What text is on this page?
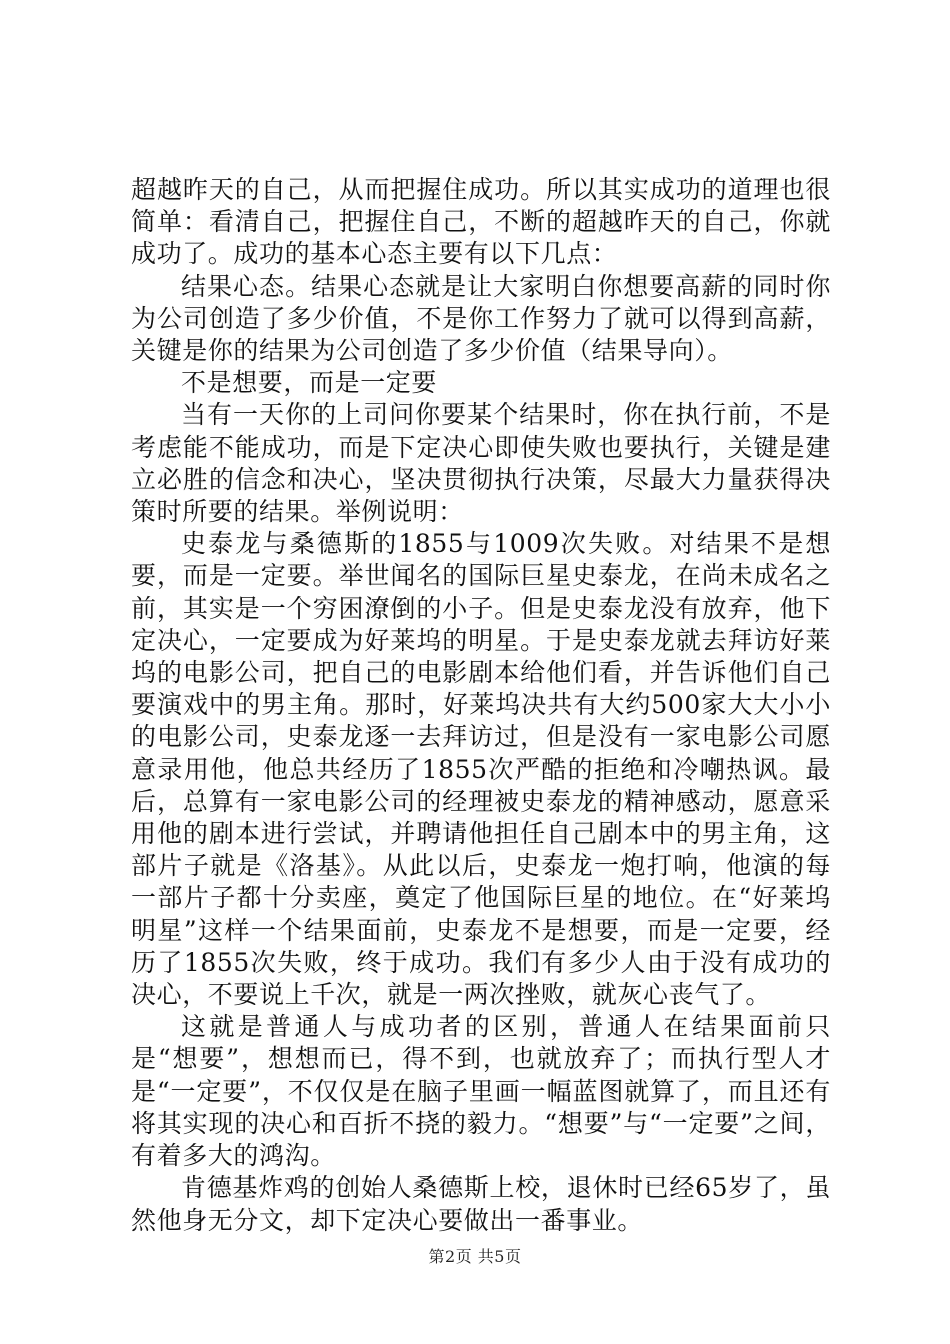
超越昨天的自己，从而把握住成功。所以其实成功的道理也很简单：看清自己，把握住自己，不断的超越昨天的自己，你就成功了。成功的基本心态主要有以下几点：

结果心态。结果心态就是让大家明白你想要高薪的同时你为公司创造了多少价值，不是你工作努力了就可以得到高薪，关键是你的结果为公司创造了多少价值（结果导向）。

不是想要，而是一定要

当有一天你的上司问你要某个结果时，你在执行前，不是考虑能不能成功，而是下定决心即使失败也要执行，关键是建立必胜的信念和决心，坚决贯彻执行决策，尽最大力量获得决策时所要的结果。举例说明：

史泰龙与桑德斯的1855与1009次失败。对结果不是想要，而是一定要。举世闻名的国际巨星史泰龙，在尚未成名之前，其实是一个穷困潦倒的小子。但是史泰龙没有放弃，他下定决心，一定要成为好莱坞的明星。于是史泰龙就去拜访好莱坞的电影公司，把自己的电影剧本给他们看，并告诉他们自己要演戏中的男主角。那时，好莱坞决共有大约500家大大小小的电影公司，史泰龙逐一去拜访过，但是没有一家电影公司愿意录用他，他总共经历了1855次严酷的拒绝和冷嘲热讽。最后，总算有一家电影公司的经理被史泰龙的精神感动，愿意采用他的剧本进行尝试，并聘请他担任自己剧本中的男主角，这部片子就是《洛基》。从此以后，史泰龙一炮打响，他演的每一部片子都十分卖座，奠定了他国际巨星的地位。在“好莱坞明星”这样一个结果面前，史泰龙不是想要，而是一定要，经历了1855次失败，终于成功。我们有多少人由于没有成功的决心，不要说上千次，就是一两次挫败，就灰心丧气了。

这就是普通人与成功者的区别，普通人在结果面前只是“想要”，想想而已，得不到，也就放弃了；而执行型人才是“一定要”，不仅仅是在脑子里画一幅蓝图就算了，而且还有将其实现的决心和百折不挠的毅力。“想要”与“一定要”之间，有着多大的鸿沟。

肯德基炸鸡的创始人桑德斯上校，退休时已经65岁了，虽然他身无分文，却下定决心要做出一番事业。

第2页 共5页
